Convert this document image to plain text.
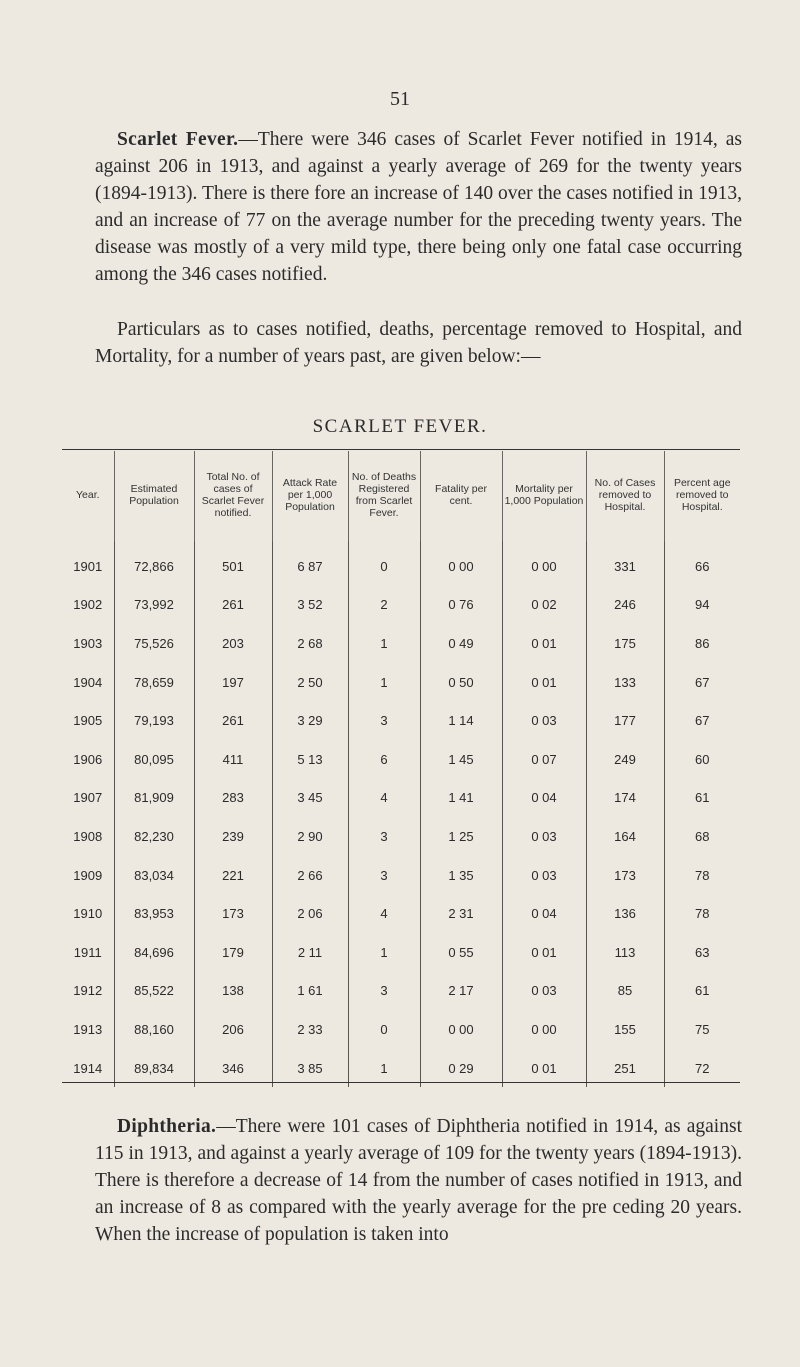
51

Scarlet Fever.—There were 346 cases of Scarlet Fever notified in 1914, as against 206 in 1913, and against a yearly average of 269 for the twenty years (1894-1913). There is there fore an increase of 140 over the cases notified in 1913, and an increase of 77 on the average number for the preceding twenty years. The disease was mostly of a very mild type, there being only one fatal case occurring among the 346 cases notified.

Particulars as to cases notified, deaths, percentage removed to Hospital, and Mortality, for a number of years past, are given below:—

SCARLET FEVER.
Year.	Estimated Population	Total No. of cases of Scarlet Fever notified.	Attack Rate per 1,000 Population	No. of Deaths Registered from Scarlet Fever.	Fatality per cent.	Mortality per 1,000 Population	No. of Cases removed to Hospital.	Percent age removed to Hospital.
1901	72,866	501	6 87	0	0 00	0 00	331	66
1902	73,992	261	3 52	2	0 76	0 02	246	94
1903	75,526	203	2 68	1	0 49	0 01	175	86
1904	78,659	197	2 50	1	0 50	0 01	133	67
1905	79,193	261	3 29	3	1 14	0 03	177	67
1906	80,095	411	5 13	6	1 45	0 07	249	60
1907	81,909	283	3 45	4	1 41	0 04	174	61
1908	82,230	239	2 90	3	1 25	0 03	164	68
1909	83,034	221	2 66	3	1 35	0 03	173	78
1910	83,953	173	2 06	4	2 31	0 04	136	78
1911	84,696	179	2 11	1	0 55	0 01	113	63
1912	85,522	138	1 61	3	2 17	0 03	85	61
1913	88,160	206	2 33	0	0 00	0 00	155	75
1914	89,834	346	3 85	1	0 29	0 01	251	72

Diphtheria.—There were 101 cases of Diphtheria notified in 1914, as against 115 in 1913, and against a yearly average of 109 for the twenty years (1894-1913). There is therefore a decrease of 14 from the number of cases notified in 1913, and an increase of 8 as compared with the yearly average for the pre ceding 20 years. When the increase of population is taken into
